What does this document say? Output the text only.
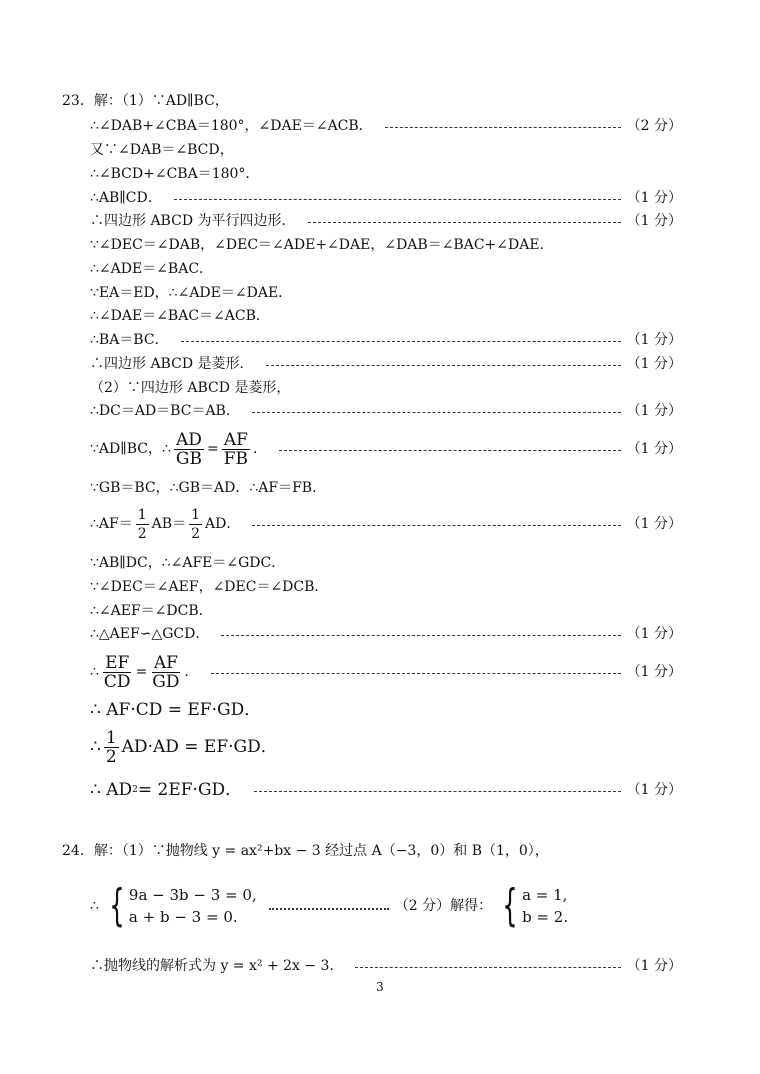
23．解：（1）∵AD∥BC，
∴∠DAB+∠CBA＝180°，∠DAE＝∠ACB．	（2 分）
又∵∠DAB＝∠BCD，
∴∠BCD+∠CBA＝180°．
∴AB∥CD．	（1 分）
∴四边形 ABCD 为平行四边形．	（1 分）
∵∠DEC＝∠DAB，∠DEC＝∠ADE+∠DAE，∠DAB＝∠BAC+∠DAE．
∴∠ADE＝∠BAC．
∵EA＝ED，∴∠ADE＝∠DAE．
∴∠DAE＝∠BAC＝∠ACB．
∴BA＝BC．	（1 分）
∴四边形 ABCD 是菱形．	（1 分）
（2）∵四边形 ABCD 是菱形，
∴DC＝AD＝BC＝AB．	（1 分）
∵AD∥BC，∴ $\frac{AD}{GB} = \frac{AF}{FB}$ ．	（1 分）
∵GB＝BC，∴GB＝AD．∴AF＝FB．
∴AF＝ $\frac{1}{2} AB= \frac{1}{2}$ AD．	（1 分）
∵AB∥DC，∴∠AFE＝∠GDC．
∵∠DEC＝∠AEF，∠DEC＝∠DCB．
∴∠AEF＝∠DCB．
∴△AEF∽△GCD．	（1 分）
∴ $\frac{EF}{CD} = \frac{AF}{GD}$ ．	（1 分）
∴ AF·CD = EF·GD．
∴ $\frac{1}{2} AD\cdot AD = EF\cdot GD$．
∴ AD 2 = 2EF·GD．	（1 分）
24．解：（1）∵抛物线 y = ax²+bx − 3 经过点 A（−3，0）和 B（1，0），
∴ { 9a − 3b − 3 = 0,
a + b − 3 = 0.
（2 分）解得： { a = 1,
b = 2.
∴抛物线的解析式为 y = x² + 2x − 3．	（1 分）
3
